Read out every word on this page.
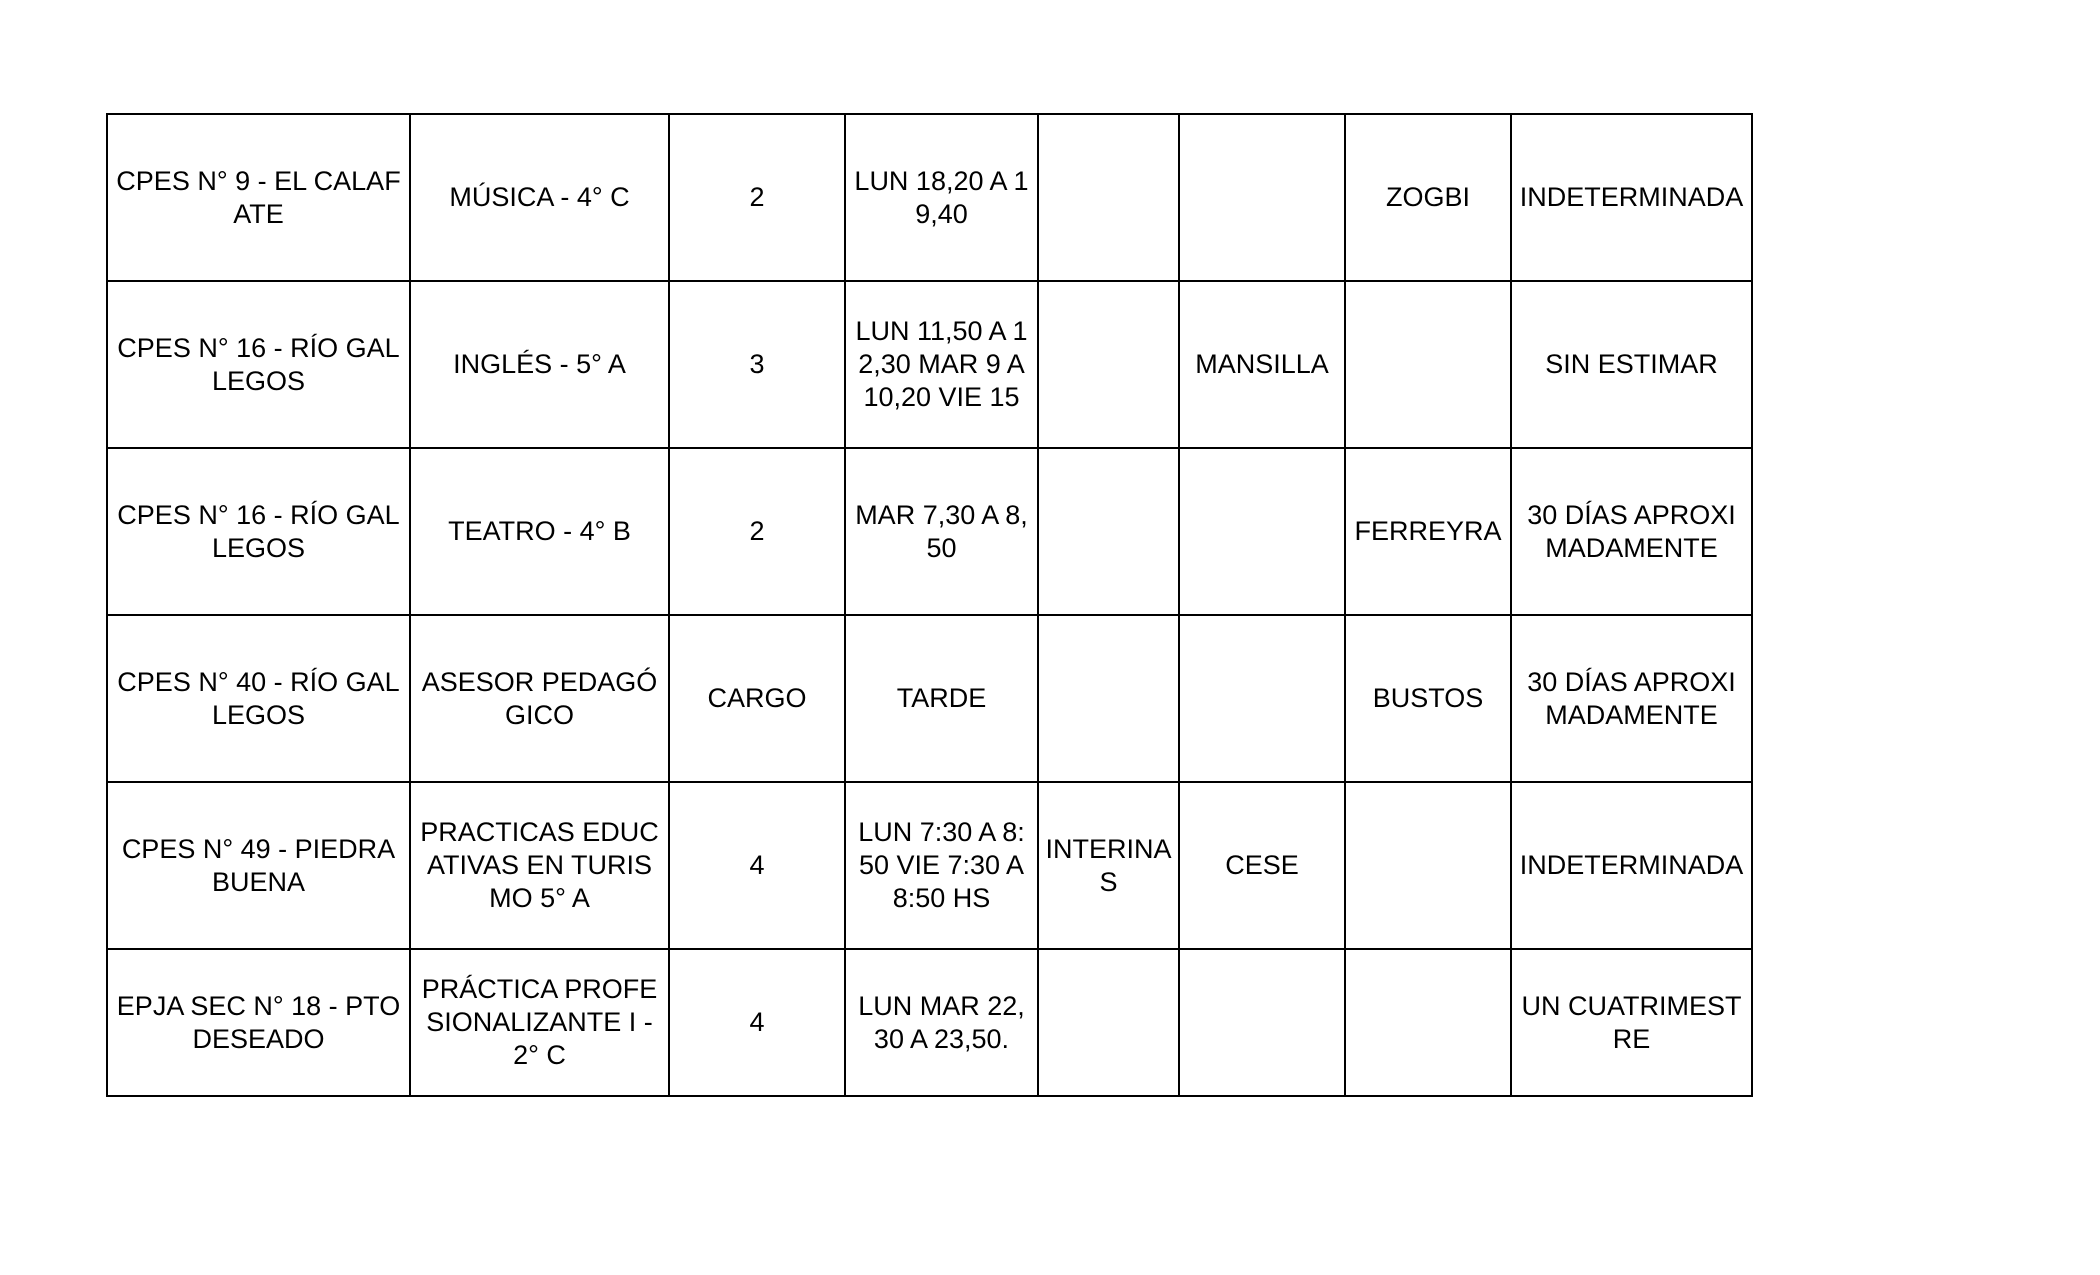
CPES N° 9 - EL CALAFATE	MÚSICA - 4° C	2	LUN 18,20 A 19,40			ZOGBI	INDETERMINADA
CPES N° 16 - RÍO GALLEGOS	INGLÉS - 5° A	3	LUN 11,50 A 12,30 MAR 9 A 10,20 VIE 15		MANSILLA		SIN ESTIMAR
CPES N° 16 - RÍO GALLEGOS	TEATRO - 4° B	2	MAR 7,30 A 8,50			FERREYRA	30 DÍAS APROXIMADAMENTE
CPES N° 40 - RÍO GALLEGOS	ASESOR PEDAGÓGICO	CARGO	TARDE			BUSTOS	30 DÍAS APROXIMADAMENTE
CPES N° 49 - PIEDRA BUENA	PRACTICAS EDUCATIVAS EN TURISMO 5° A	4	LUN 7:30 A 8:50 VIE 7:30 A 8:50 HS	INTERINAS	CESE		INDETERMINADA
EPJA SEC N° 18 - PTO DESEADO	PRÁCTICA PROFESIONALIZANTE I - 2° C	4	LUN MAR 22,30 A 23,50.				UN CUATRIMESTRE
